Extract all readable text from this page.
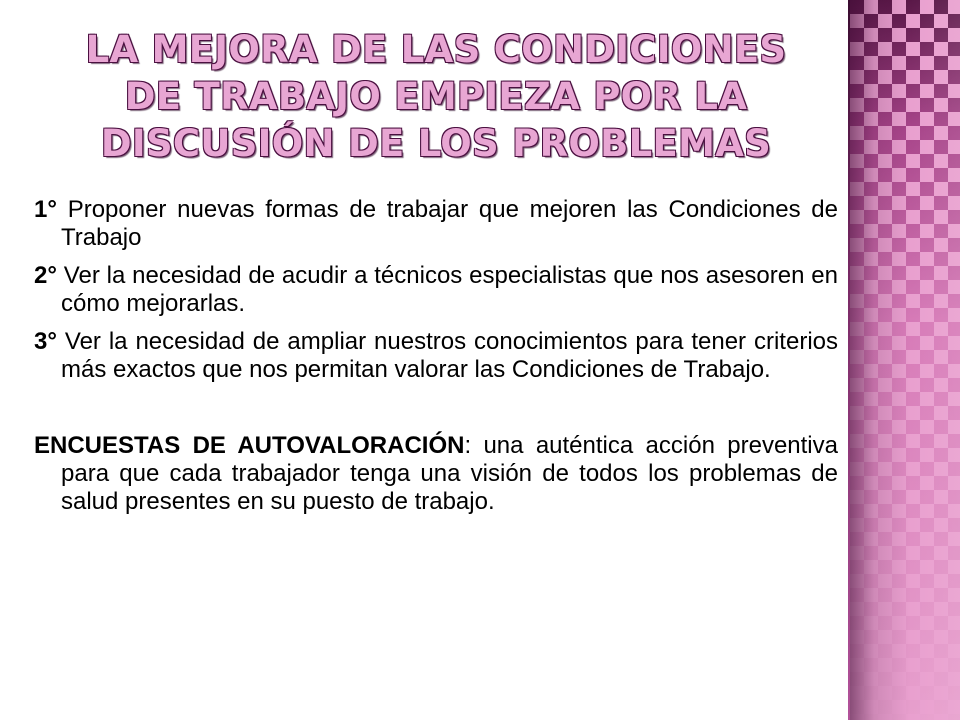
LA MEJORA DE LAS CONDICIONES
DE TRABAJO EMPIEZA POR LA
DISCUSIÓN DE LOS PROBLEMAS

1° Proponer nuevas formas de trabajar que mejoren las Condiciones de Trabajo

2° Ver la necesidad de acudir a técnicos especialistas que nos asesoren en cómo mejorarlas.

3° Ver la necesidad de ampliar nuestros conocimientos para tener criterios más exactos que nos permitan valorar las Condiciones de Trabajo.

ENCUESTAS DE AUTOVALORACIÓN: una auténtica acción preventiva para que cada trabajador tenga una visión de todos los problemas de salud presentes en su puesto de trabajo.
